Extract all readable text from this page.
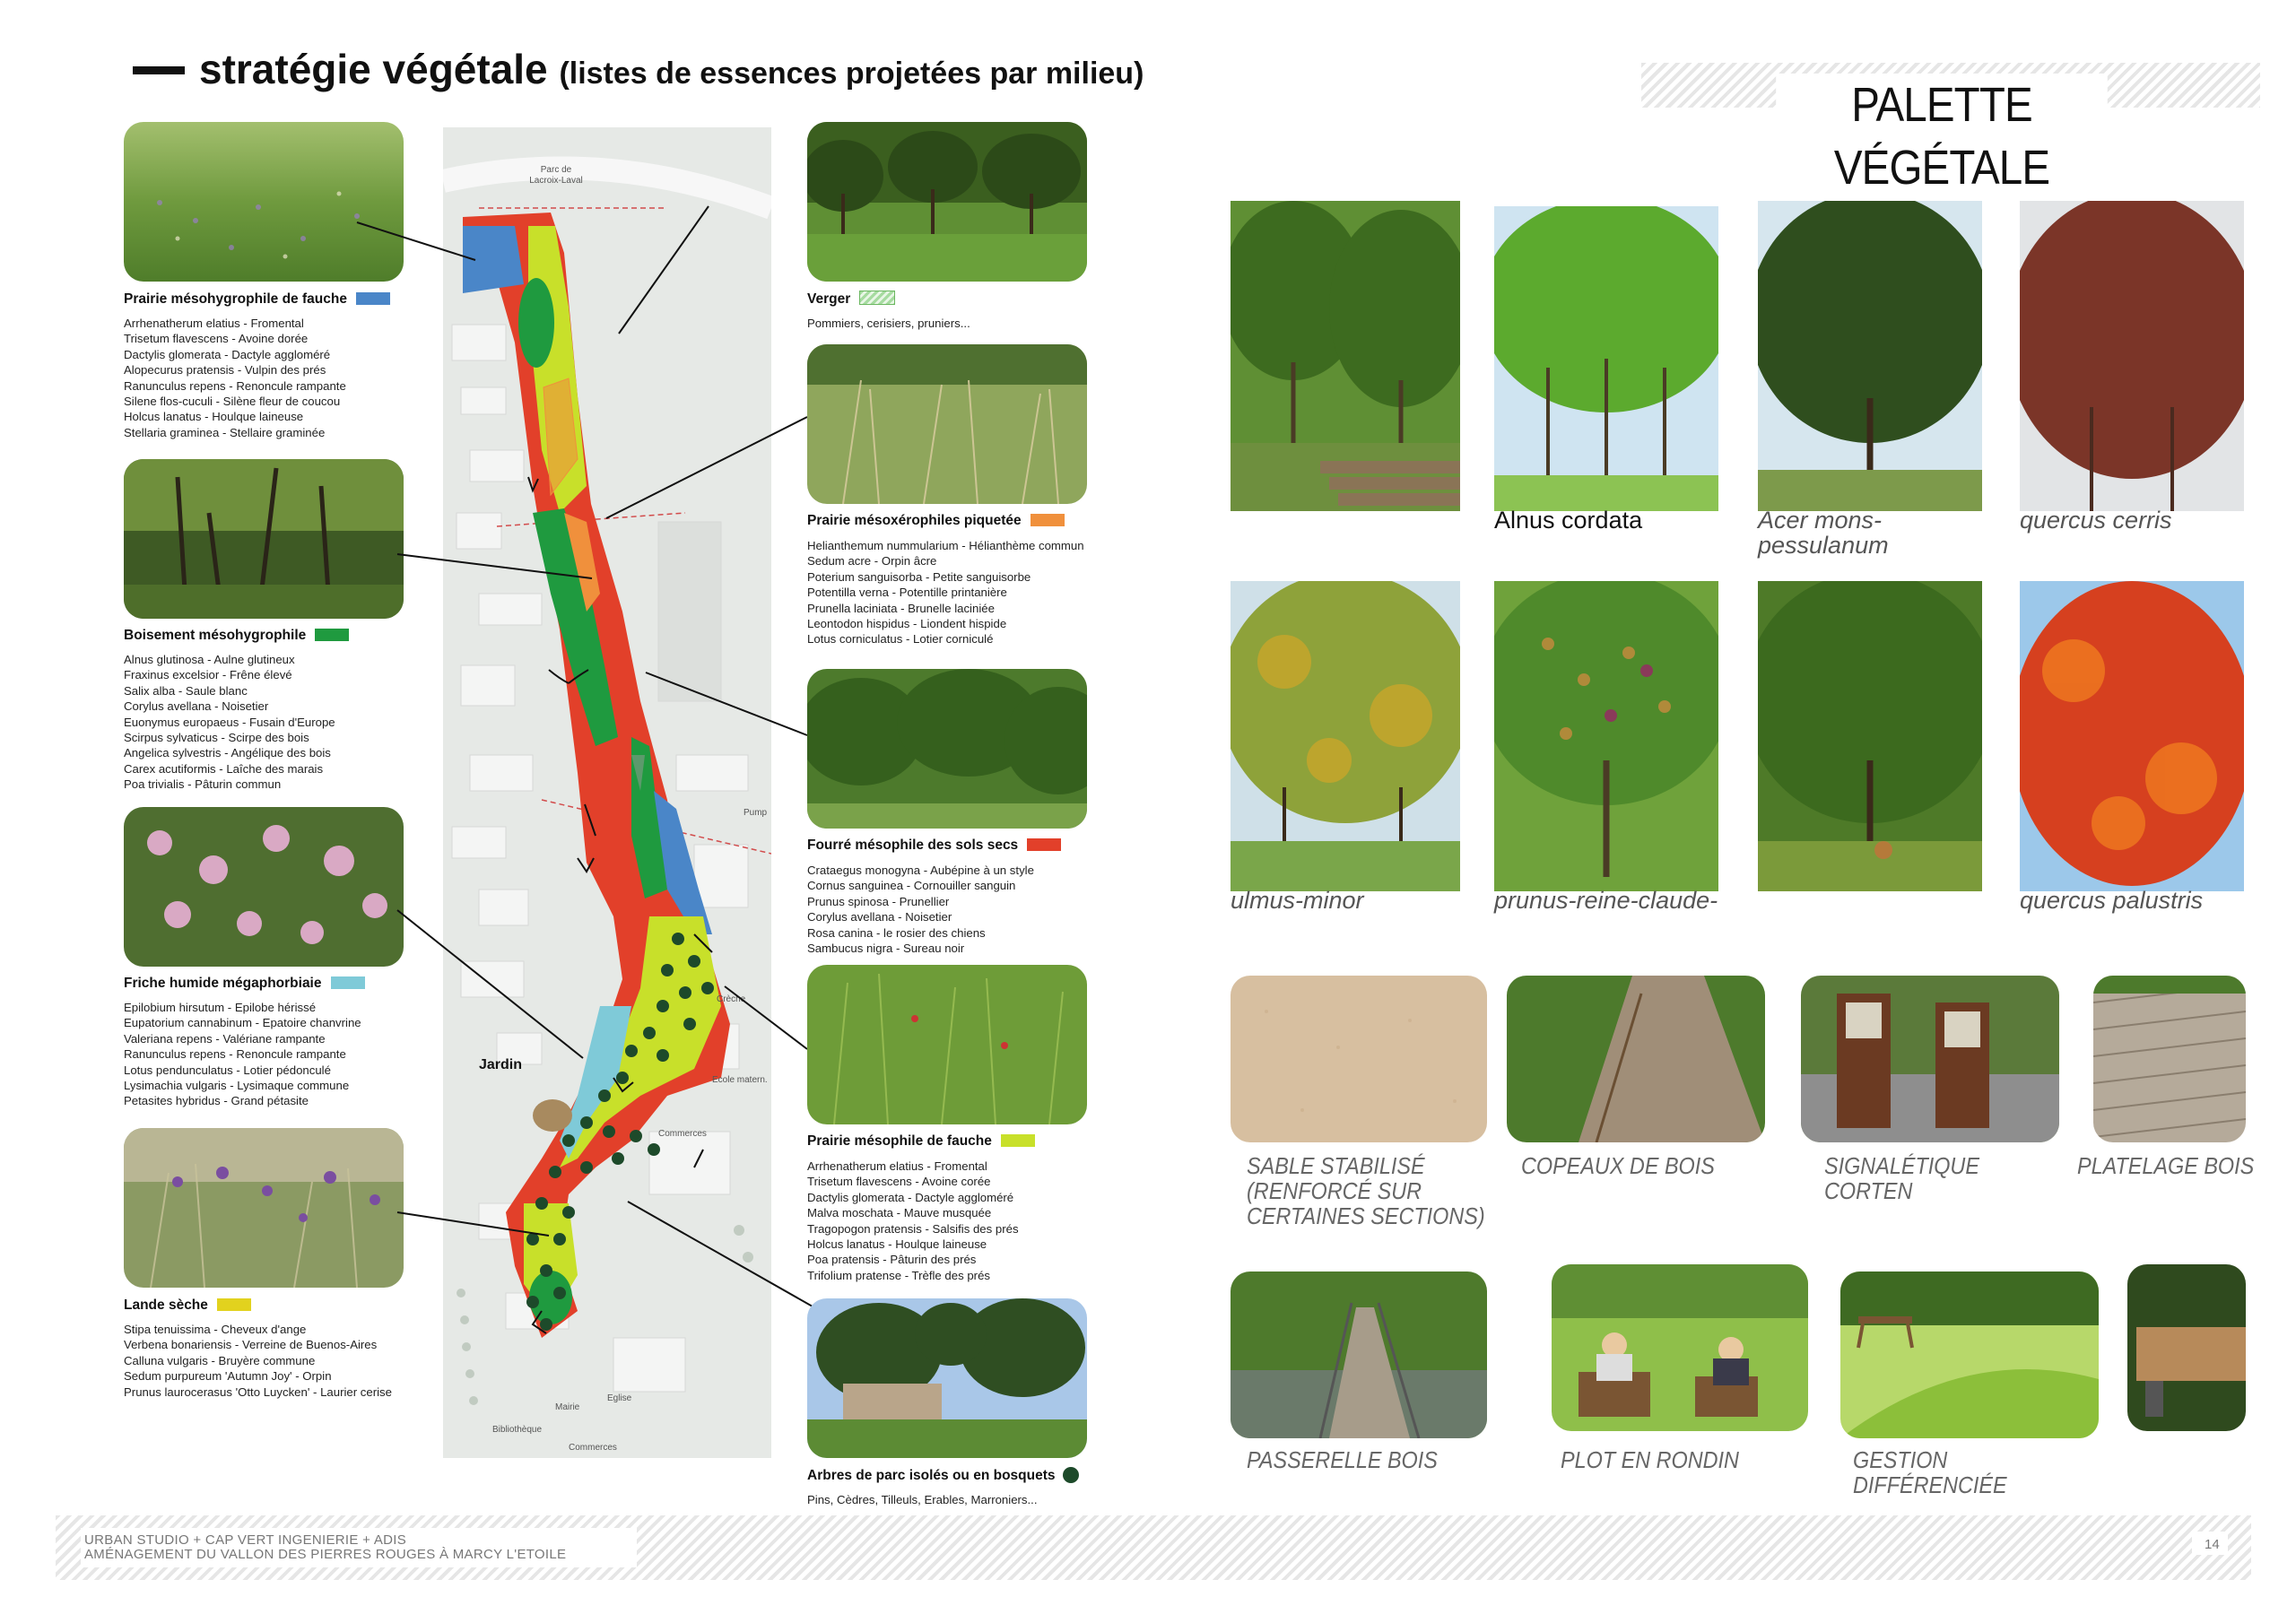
stratégie végétale (listes de essences projetées par milieu)
PALETTE VÉGÉTALE
Prairie mésohygrophile de fauche
Arrhenatherum elatius - Fromental
Trisetum flavescens - Avoine dorée
Dactylis glomerata - Dactyle aggloméré
Alopecurus pratensis - Vulpin des prés
Ranunculus repens - Renoncule rampante
Silene flos-cuculi - Silène fleur de coucou
Holcus lanatus - Houlque laineuse
Stellaria graminea - Stellaire graminée
Boisement mésohygrophile
Alnus glutinosa - Aulne glutineux
Fraxinus excelsior - Frêne élevé
Salix alba - Saule blanc
Corylus avellana - Noisetier
Euonymus europaeus - Fusain d'Europe
Scirpus sylvaticus - Scirpe des bois
Angelica sylvestris - Angélique des bois
Carex acutiformis - Laîche des marais
Poa trivialis - Pâturin commun
Friche humide mégaphorbiaie
Epilobium hirsutum - Epilobe hérissé
Eupatorium cannabinum - Epatoire chanvrine
Valeriana repens - Valériane rampante
Ranunculus repens - Renoncule rampante
Lotus pendunculatus - Lotier pédonculé
Lysimachia vulgaris - Lysimaque commune
Petasites hybridus - Grand pétasite
Lande sèche
Stipa tenuissima - Cheveux d'ange
Verbena bonariensis - Verreine de Buenos-Aires
Calluna vulgaris - Bruyère commune
Sedum purpureum 'Autumn Joy' - Orpin
Prunus laurocerasus 'Otto Luycken' - Laurier cerise
Parc de
Lacroix-Laval
Jardin
Pump
Crèche
Ecole matern.
Commerces
Mairie
Eglise
Bibliothèque
Commerces
Verger
Pommiers, cerisiers, pruniers...
Prairie mésoxérophiles piquetée
Helianthemum nummularium - Hélianthème commun
Sedum acre - Orpin âcre
Poterium sanguisorba - Petite sanguisorbe
Potentilla verna - Potentille printanière
Prunella laciniata - Brunelle laciniée
Leontodon hispidus - Liondent hispide
Lotus corniculatus - Lotier corniculé
Fourré mésophile des sols secs
Crataegus monogyna - Aubépine à un style
Cornus sanguinea - Cornouiller sanguin
Prunus spinosa - Prunellier
Corylus avellana - Noisetier
Rosa canina - le rosier des chiens
Sambucus nigra - Sureau noir
Prairie mésophile de fauche
Arrhenatherum elatius - Fromental
Trisetum flavescens - Avoine corée
Dactylis glomerata - Dactyle aggloméré
Malva moschata - Mauve musquée
Tragopogon pratensis - Salsifis des prés
Holcus lanatus - Houlque laineuse
Poa pratensis - Pâturin des prés
Trifolium pratense - Trèfle des prés
Arbres de parc isolés ou en bosquets
Pins, Cèdres, Tilleuls, Erables, Marroniers...
Alnus cordata	Acer mons-pessulanum
quercus cerris
ulmus-minor	prunus-reine-claude-	quercus palustris
SABLE STABILISÉ (RENFORCÉ SUR CERTAINES SECTIONS)
COPEAUX DE BOIS	SIGNALÉTIQUE CORTEN
PLATELAGE BOIS
PASSERELLE BOIS	PLOT EN RONDIN	GESTION DIFFÉRENCIÉE
URBAN STUDIO + CAP VERT INGENIERIE + ADIS
AMÉNAGEMENT DU VALLON DES PIERRES ROUGES À MARCY L'ETOILE
14
